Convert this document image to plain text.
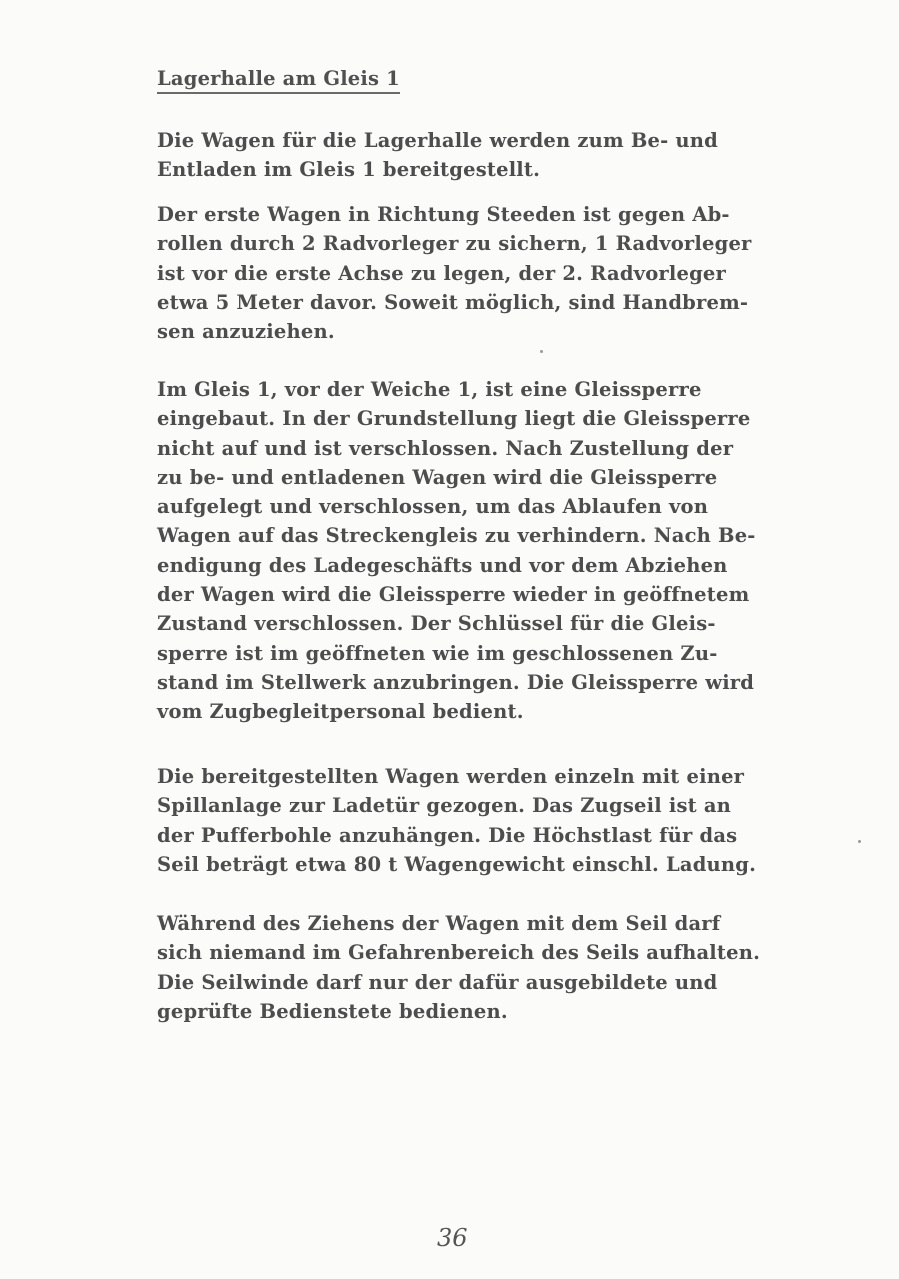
Lagerhalle am Gleis 1
Die Wagen für die Lagerhalle werden zum Be- und
Entladen im Gleis 1 bereitgestellt.
Der erste Wagen in Richtung Steeden ist gegen Ab-
rollen durch 2 Radvorleger zu sichern, 1 Radvorleger
ist vor die erste Achse zu legen, der 2. Radvorleger
etwa 5 Meter davor. Soweit möglich, sind Handbrem-
sen anzuziehen.
Im Gleis 1, vor der Weiche 1, ist eine Gleissperre
eingebaut. In der Grundstellung liegt die Gleissperre
nicht auf und ist verschlossen. Nach Zustellung der
zu be- und entladenen Wagen wird die Gleissperre
aufgelegt und verschlossen, um das Ablaufen von
Wagen auf das Streckengleis zu verhindern. Nach Be-
endigung des Ladegeschäfts und vor dem Abziehen
der Wagen wird die Gleissperre wieder in geöffnetem
Zustand verschlossen. Der Schlüssel für die Gleis-
sperre ist im geöffneten wie im geschlossenen Zu-
stand im Stellwerk anzubringen. Die Gleissperre wird
vom Zugbegleitpersonal bedient.
Die bereitgestellten Wagen werden einzeln mit einer
Spillanlage zur Ladetür gezogen. Das Zugseil ist an
der Pufferbohle anzuhängen. Die Höchstlast für das
Seil beträgt etwa 80 t Wagengewicht einschl. Ladung.
Während des Ziehens der Wagen mit dem Seil darf
sich niemand im Gefahrenbereich des Seils aufhalten.
Die Seilwinde darf nur der dafür ausgebildete und
geprüfte Bedienstete bedienen.
36
